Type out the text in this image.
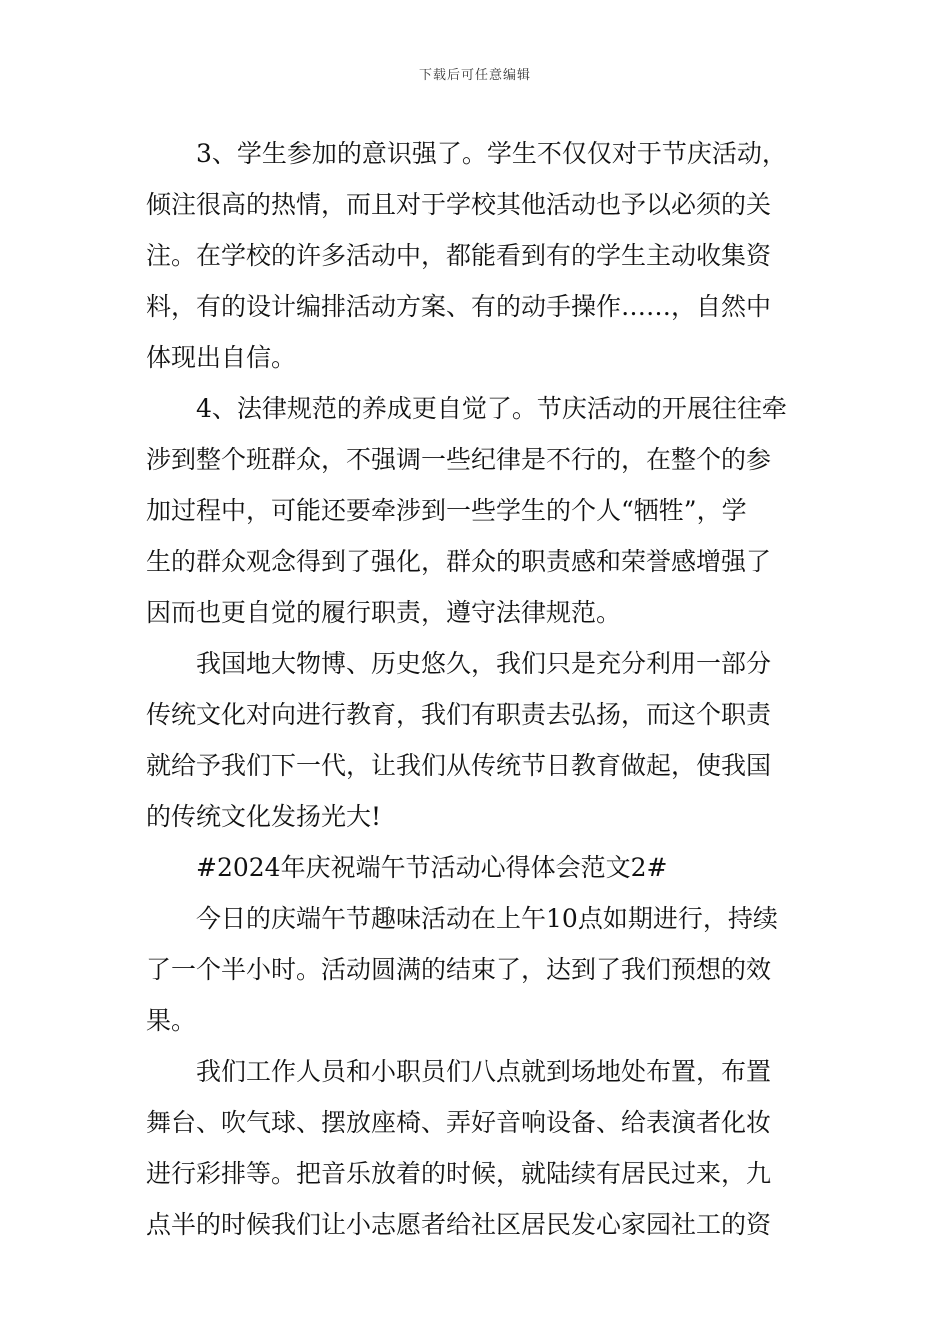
下载后可任意编辑
3、学生参加的意识强了。学生不仅仅对于节庆活动，
倾注很高的热情，而且对于学校其他活动也予以必须的关
注。在学校的许多活动中，都能看到有的学生主动收集资
料，有的设计编排活动方案、有的动手操作……，自然中
体现出自信。
4、法律规范的养成更自觉了。节庆活动的开展往往牵
涉到整个班群众，不强调一些纪律是不行的，在整个的参
加过程中，可能还要牵涉到一些学生的个人“牺牲”，学
生的群众观念得到了强化，群众的职责感和荣誉感增强了
因而也更自觉的履行职责，遵守法律规范。
我国地大物博、历史悠久，我们只是充分利用一部分
传统文化对向进行教育，我们有职责去弘扬，而这个职责
就给予我们下一代，让我们从传统节日教育做起，使我国
的传统文化发扬光大!
#2024年庆祝端午节活动心得体会范文2#
今日的庆端午节趣味活动在上午10点如期进行，持续
了一个半小时。活动圆满的结束了，达到了我们预想的效
果。
我们工作人员和小职员们八点就到场地处布置，布置
舞台、吹气球、摆放座椅、弄好音响设备、给表演者化妆
进行彩排等。把音乐放着的时候，就陆续有居民过来，九
点半的时候我们让小志愿者给社区居民发心家园社工的资
